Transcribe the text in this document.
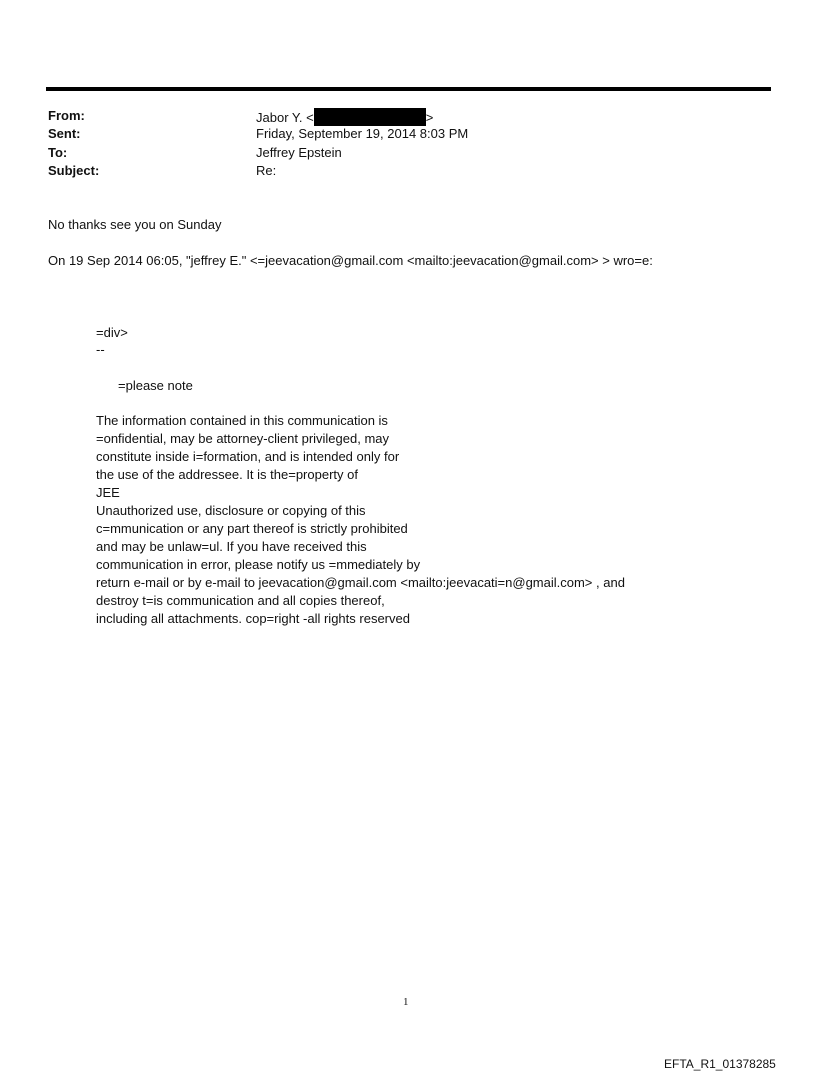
From:	Jabor Y. <	>
Sent:	Friday, September 19, 2014 8:03 PM
To:	Jeffrey Epstein
Subject:	Re:
No thanks see you on Sunday
On 19 Sep 2014 06:05, "jeffrey E." <=jeevacation@gmail.com <mailto:jeevacation@gmail.com> > wro=e:
=div>
--
=please note
The information contained in this communication is
=onfidential, may be attorney-client privileged, may
constitute inside i=formation, and is intended only for
the use of the addressee. It is the=property of
JEE
Unauthorized use, disclosure or copying of this
c=mmunication or any part thereof is strictly prohibited
and may be unlaw=ul. If you have received this
communication in error, please notify us =mmediately by
return e-mail or by e-mail to jeevacation@gmail.com <mailto:jeevacati=n@gmail.com> , and
destroy t=is communication and all copies thereof,
including all attachments. cop=right -all rights reserved
1
EFTA_R1_01378285
